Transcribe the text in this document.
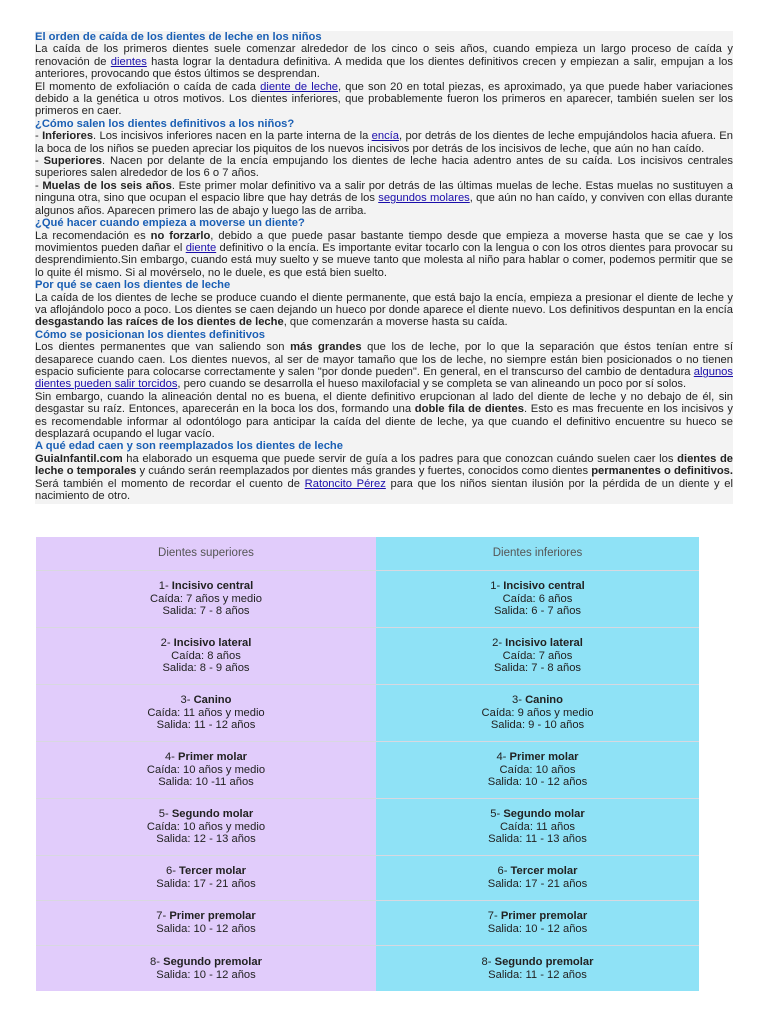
El orden de caída de los dientes de leche en los niños

La caída de los primeros dientes suele comenzar alrededor de los cinco o seis años, cuando empieza un largo proceso de caída y renovación de dientes hasta lograr la dentadura definitiva. A medida que los dientes definitivos crecen y empiezan a salir, empujan a los anteriores, provocando que éstos últimos se desprendan.

El momento de exfoliación o caída de cada diente de leche, que son 20 en total piezas, es aproximado, ya que puede haber variaciones debido a la genética u otros motivos. Los dientes inferiores, que probablemente fueron los primeros en aparecer, también suelen ser los primeros en caer.

¿Cómo salen los dientes definitivos a los niños?

- Inferiores. Los incisivos inferiores nacen en la parte interna de la encía, por detrás de los dientes de leche empujándolos hacia afuera. En la boca de los niños se pueden apreciar los piquitos de los nuevos incisivos por detrás de los incisivos de leche, que aún no han caído.

- Superiores. Nacen por delante de la encía empujando los dientes de leche hacia adentro antes de su caída. Los incisivos centrales superiores salen alrededor de los 6 o 7 años.

- Muelas de los seis años. Este primer molar definitivo va a salir por detrás de las últimas muelas de leche. Estas muelas no sustituyen a ninguna otra, sino que ocupan el espacio libre que hay detrás de los segundos molares, que aún no han caído, y conviven con ellas durante algunos años. Aparecen primero las de abajo y luego las de arriba.

¿Qué hacer cuando empieza a moverse un diente?

La recomendación es no forzarlo, debido a que puede pasar bastante tiempo desde que empieza a moverse hasta que se cae y los movimientos pueden dañar el diente definitivo o la encía. Es importante evitar tocarlo con la lengua o con los otros dientes para provocar su desprendimiento.Sin embargo, cuando está muy suelto y se mueve tanto que molesta al niño para hablar o comer, podemos permitir que se lo quite él mismo. Si al movérselo, no le duele, es que está bien suelto.

Por qué se caen los dientes de leche

La caída de los dientes de leche se produce cuando el diente permanente, que está bajo la encía, empieza a presionar el diente de leche y va aflojándolo poco a poco. Los dientes se caen dejando un hueco por donde aparece el diente nuevo. Los definitivos despuntan en la encía desgastando las raíces de los dientes de leche, que comenzarán a moverse hasta su caída.

Cómo se posicionan los dientes definitivos

Los dientes permanentes que van saliendo son más grandes que los de leche, por lo que la separación que éstos tenían entre sí desaparece cuando caen. Los dientes nuevos, al ser de mayor tamaño que los de leche, no siempre están bien posicionados o no tienen espacio suficiente para colocarse correctamente y salen "por donde pueden". En general, en el transcurso del cambio de dentadura algunos dientes pueden salir torcidos, pero cuando se desarrolla el hueso maxilofacial y se completa se van alineando un poco por sí solos.

Sin embargo, cuando la alineación dental no es buena, el diente definitivo erupcionan al lado del diente de leche y no debajo de él, sin desgastar su raíz. Entonces, aparecerán en la boca los dos, formando una doble fila de dientes. Esto es mas frecuente en los incisivos y es recomendable informar al odontólogo para anticipar la caída del diente de leche, ya que cuando el definitivo encuentre su hueco se desplazará ocupando el lugar vacío.

A qué edad caen y son reemplazados los dientes de leche

GuiaInfantil.com ha elaborado un esquema que puede servir de guía a los padres para que conozcan cuándo suelen caer los dientes de leche o temporales y cuándo serán reemplazados por dientes más grandes y fuertes, conocidos como dientes permanentes o definitivos. Será también el momento de recordar el cuento de Ratoncito Pérez para que los niños sientan ilusión por la pérdida de un diente y el nacimiento de otro.

Dientes superiores	Dientes inferiores
1- Incisivo central
Caída: 7 años y medio
Salida: 7 - 8 años
1- Incisivo central
Caída: 6 años
Salida: 6 - 7 años
2- Incisivo lateral
Caída: 8 años
Salida: 8 - 9 años
2- Incisivo lateral
Caída: 7 años
Salida: 7 - 8 años
3- Canino
Caída: 11 años y medio
Salida: 11 - 12 años
3- Canino
Caída: 9 años y medio
Salida: 9 - 10 años
4- Primer molar
Caída: 10 años y medio
Salida: 10 -11 años
4- Primer molar
Caída: 10 años
Salida: 10 - 12 años
5- Segundo molar
Caída: 10 años y medio
Salida: 12 - 13 años
5- Segundo molar
Caída: 11 años
Salida: 11 - 13 años
6- Tercer molar
Salida: 17 - 21 años
6- Tercer molar
Salida: 17 - 21 años
7- Primer premolar
Salida: 10 - 12 años
7- Primer premolar
Salida: 10 - 12 años
8- Segundo premolar
Salida: 10 - 12 años
8- Segundo premolar
Salida: 11 - 12 años
